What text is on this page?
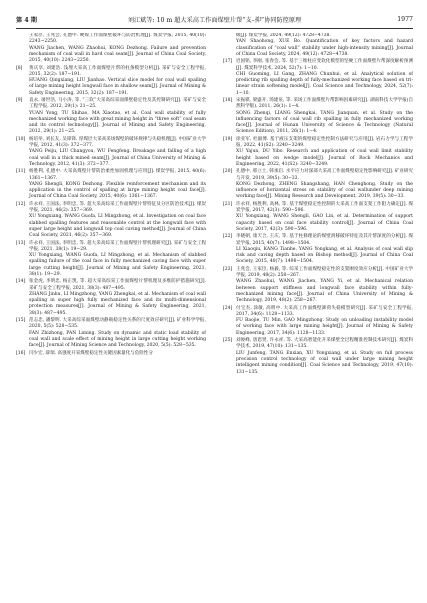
第 4 期	刘江斌等: 10 m 超大采高工作面煤壁片帮“支–抑”协同防控原理	1977
王家臣, 王兆会, 孔德中. 硬煤工作面煤壁破坏与防治机理[J]. 煤炭学报, 2015, 40(10): 2243−2250.
WANG Jiachen, WANG Zhaohui, KONG Dezhong. Failure and prevention mechanism of coal wall in hard coal seam[J]. Journal of China Coal Society, 2015, 40(10): 2243−2250.
[8]	黄庆享, 刘建浩. 浅埋大采高工作面煤壁片帮的柱条模型分析[J]. 采矿与安全工程学报, 2015, 32(2): 187−191.
HUANG Qingxiang, LIU Jianhao. Vertical slice model for coal wall spalling of large mining height longwall face in shallow seam[J]. Journal of Mining & Safety Engineering, 2015, 32(2): 187−191.
[9]	袁永, 屠世浩, 马小涛, 等. “三软”大采高综采面煤壁稳定性及其控制研究[J]. 采矿与安全工程学报, 2012, 29(1): 21−25.
YUAN Yong, TU Shihao, MA Xiaotao, et al. Coal wall stability of fully mechanized working face with great mining height in “three soft” coal seam and its control technology[J]. Journal of Mining and Safety Engineering, 2012, 29(1): 21−25.
[10] 杨培举, 刘长友, 吴锋锋. 厚煤层大采高采场煤壁的破坏规律与失稳机理[J]. 中国矿业大学学报, 2012, 41(3): 372−377.
YANG Peiju, LIU Changyou, WU Fengfeng. Breakage and falling of a high coal wall in a thick mined seam[J]. Journal of China University of Mining & Technology, 2012, 41(3): 372−377.
[11] 杨胜利, 孔德中. 大采高煤壁片帮防治柔性加固机理与应用[J]. 煤炭学报, 2015, 40(6): 1361−1367.
YANG Shengli, KONG Dezhong. Flexible reinforcement mechanism and its application in the control of spalling at large mining height coal face[J]. Journal of China Coal Society, 2015, 40(6): 1361−1367.
[12] 许永祥, 王国法, 李明忠, 等. 超大采高综采工作面煤壁片帮特征及分区防治技术[J]. 煤炭学报, 2021, 46(2): 357−369.
XU Yongxiang, WANG Guofa, LI Mingzhong, et al. Investigation on coal face slabbed spalling features and reasonable control at the longwall face with super large height and longwall top coal caving method[J]. Journal of China Coal Society, 2021, 46(2): 357−369.
[13] 许永祥, 王国法, 李明忠, 等. 超大采高综采工作面煤壁片帮机理研究[J]. 采矿与安全工程学报, 2021, 38(1): 19−29.
XU Yongxiang, WANG Guofa, LI Mingzhong, et al. Mechanism of slabbed spalling failure of the coal face in fully mechanized caving face with super large cutting height[J]. Journal of Mining and Safety Engineering, 2021, 38(1): 19−29.
[14] 张金虎, 李明忠, 杨正凯, 等. 超大采高综采工作面煤壁片帮机理及多维防护措施研究[J]. 采矿与安全工程学报, 2021, 38(3): 487−495.
ZHANG Jinhu, LI Mingzhong, YANG Zhengkai, et al. Mechanism of coal wall spalling in super high fully mechanized face and its multi-dimensional protection measures[J]. Journal of Mining & Safety Engineering, 2021, 38(3): 487−495.
[15] 范志忠, 潘黎明. 大采高综采面煤壁动静载稳定性关系的尺度效应研究[J]. 矿业科学学报, 2020, 5(5): 528−535.
FAN Zhizhong, PAN Liming. Study on dynamic and static load stability of coal wall and scale effect of mining height in large cutting height working face[J]. Journal of Mining Science and Technology, 2020, 5(5): 528−535.
[16] 闫少宏, 薛瑞. 高强度开采煤壁稳定性关键因素量化与危险性分
级[J]. 煤炭学报, 2024, 49(12): 4728−4738.
YAN Shaohong, XUE Bo. Quantification of key factors and hazard classification of “coal wall” stability under high-intensity mining[J]. Journal of China Coal Society, 2024, 49(12): 4728−4738.
[17] 迟国铭, 李刚, 张春会, 等. 基于三维柱应变软化模型的坚硬工作面煤壁片帮深度解析预测[J]. 煤炭科学技术, 2024, 52(7): 1−10.
CHI Guoming, LI Gang, ZHANG Chunhui, et al. Analytical solution of predicting rib spalling depth of fully-mechanized working face based on tri-linear strain softening model[J]. Coal Science and Technology, 2024, 52(7): 1−10.
[18] 宋振骐, 梁盛开, 汤建泉, 等. 采场工作面煤壁片帮影响因素研究[J]. 湖南科技大学学报(自然科学版), 2011, 26(1): 1−4.
SONG Zhenqi, LIANG Shengkai, TANG Jianquan, et al. Study on the influencing factors of coal wall rib spalling in fully mechanized working face[J]. Journal of Hunan University of Science & Technology (Natural Science Edition), 2011, 26(1): 1−4.
[19] 徐亚军, 杜毅博. 基于液压支架的煤壁稳定性控制方法研究与应用[J]. 岩石力学与工程学报, 2022, 41(S2): 3240−3249.
XU Yajun, DU Yibo. Research and application of coal wall limit stability height based on wedge model[J]. Journal of Rock Mechanics and Engineering, 2022, 41(S2): 3240−3249.
[20] 孔德中, 邢立土, 韩承启. 水平应力对深部大采高工作面煤壁稳定性影响研究[J]. 矿业研究与开发, 2019, 39(5): 30−33.
KONG Dezhong, ZHENG Shangshang, HAN Chenghong. Study on the influence of horizontal stress on stability of coal wallunder deep mining working face[J]. Mining Research and Development, 2019, 39(5): 30−33.
[21] 许永祥, 杨胜利, 高林, 等. 基于煤壁稳定性控制的大采高工作面支架工作阻力确定[J]. 煤炭学报, 2017, 42(3): 590−596.
XU Yongxiang, WANG Shengli, GAO Lin, et al. Determination of support capacity based on coal face stability control[J]. Journal of China Coal Society, 2017, 42(3): 590−596.
[22] 李晓朝, 康天合, 王庆, 等. 基于柱條理论的煤壁滑移破坏特征及其片帮深度的分析[J]. 煤炭学报, 2015, 40(7): 1498−1504.
LI Xiaoqiu, KANG Tianhe, YANG Yongkang, et al. Analysis of coal wall slip risk and caving depth based on Bishop method[J]. Journal of China Coal Society, 2015, 40(7): 1498−1504.
[23] 王兆会, 王家臣, 杨毅, 等. 综采工作面煤壁稳定性的支架刚度效应分析[J]. 中国矿业大学学报, 2019, 48(2): 258−267.
WANG Zhaohui, WANG Jiachen, YANG Yi, et al. Mechanical relation between support stiffness and longwall face stability within fully-mechanized mining face[J]. Journal of China University of Mining & Technology, 2019, 48(2): 258−267.
[24] 付宝杰, 涂敏, 高明中. 大采高工作面煤壁卸荷失稳模型研究[J]. 采矿与安全工程学报, 2017, 34(6): 1128−1133.
FU Baojie, TU Min, GAO Mingzhong. Study on unloading instability model of working face with large mining height[J]. Journal of Mining & Safety Engineering, 2017, 34(6): 1128−1133.
[25] 刘俊峰, 唐恩贤, 许永祥, 等. 大采高智能化开采煤壁全过程精准控制技术研究[J]. 煤炭科学技术, 2019, 47(10): 131−135.
LIU Junfeng, TANG Enxian, XU Yongxiang, et al. Study on full process precision control technology of coal wall under large mining height intelligent mining condition[J]. Coal Science and Technology, 2019, 47(10): 131−135.
